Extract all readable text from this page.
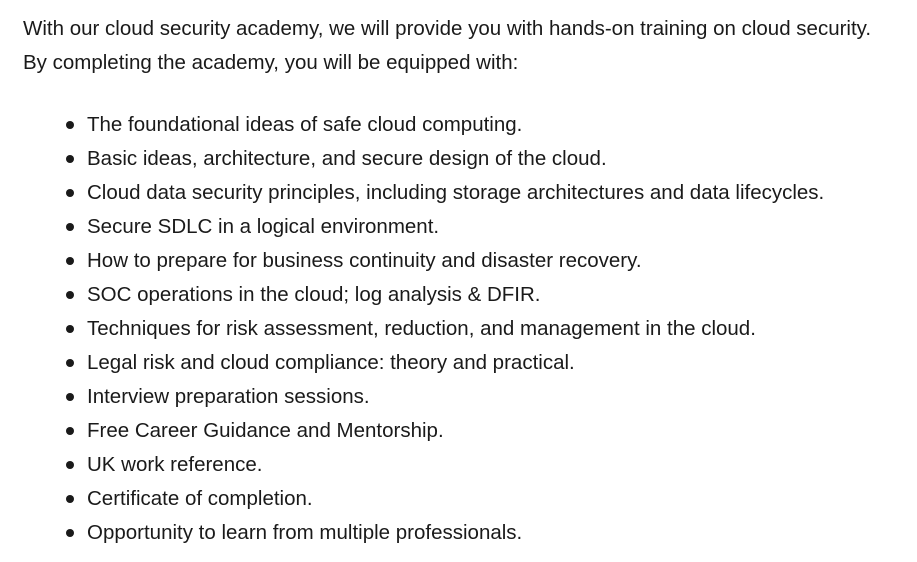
With our cloud security academy, we will provide you with hands-on training on cloud security. By completing the academy, you will be equipped with:

The foundational ideas of safe cloud computing.
Basic ideas, architecture, and secure design of the cloud.
Cloud data security principles, including storage architectures and data lifecycles.
Secure SDLC in a logical environment.
How to prepare for business continuity and disaster recovery.
SOC operations in the cloud; log analysis & DFIR.
Techniques for risk assessment, reduction, and management in the cloud.
Legal risk and cloud compliance: theory and practical.
Interview preparation sessions.
Free Career Guidance and Mentorship.
UK work reference.
Certificate of completion.
Opportunity to learn from multiple professionals.
